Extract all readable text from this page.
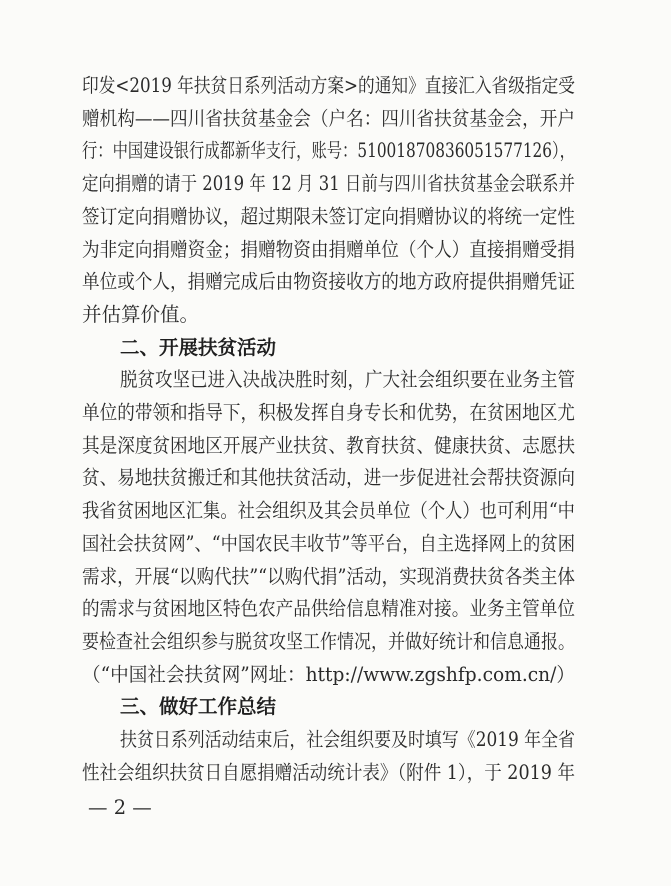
印发<2019 年扶贫日系列活动方案>的通知》直接汇入省级指定受
赠机构——四川省扶贫基金会（户名：四川省扶贫基金会，开户
行：中国建设银行成都新华支行，账号：51001870836051577126），
定向捐赠的请于 2019 年 12 月 31 日前与四川省扶贫基金会联系并
签订定向捐赠协议，超过期限未签订定向捐赠协议的将统一定性
为非定向捐赠资金；捐赠物资由捐赠单位（个人）直接捐赠受捐
单位或个人，捐赠完成后由物资接收方的地方政府提供捐赠凭证
并估算价值。
二、开展扶贫活动
脱贫攻坚已进入决战决胜时刻，广大社会组织要在业务主管
单位的带领和指导下，积极发挥自身专长和优势，在贫困地区尤
其是深度贫困地区开展产业扶贫、教育扶贫、健康扶贫、志愿扶
贫、易地扶贫搬迁和其他扶贫活动，进一步促进社会帮扶资源向
我省贫困地区汇集。社会组织及其会员单位（个人）也可利用“中
国社会扶贫网”、“中国农民丰收节”等平台，自主选择网上的贫困
需求，开展“以购代扶”“以购代捐”活动，实现消费扶贫各类主体
的需求与贫困地区特色农产品供给信息精准对接。业务主管单位
要检查社会组织参与脱贫攻坚工作情况，并做好统计和信息通报。
（“中国社会扶贫网”网址：http://www.zgshfp.com.cn/）
三、做好工作总结
扶贫日系列活动结束后，社会组织要及时填写《2019 年全省
性社会组织扶贫日自愿捐赠活动统计表》（附件 1），于 2019 年
— 2 —
